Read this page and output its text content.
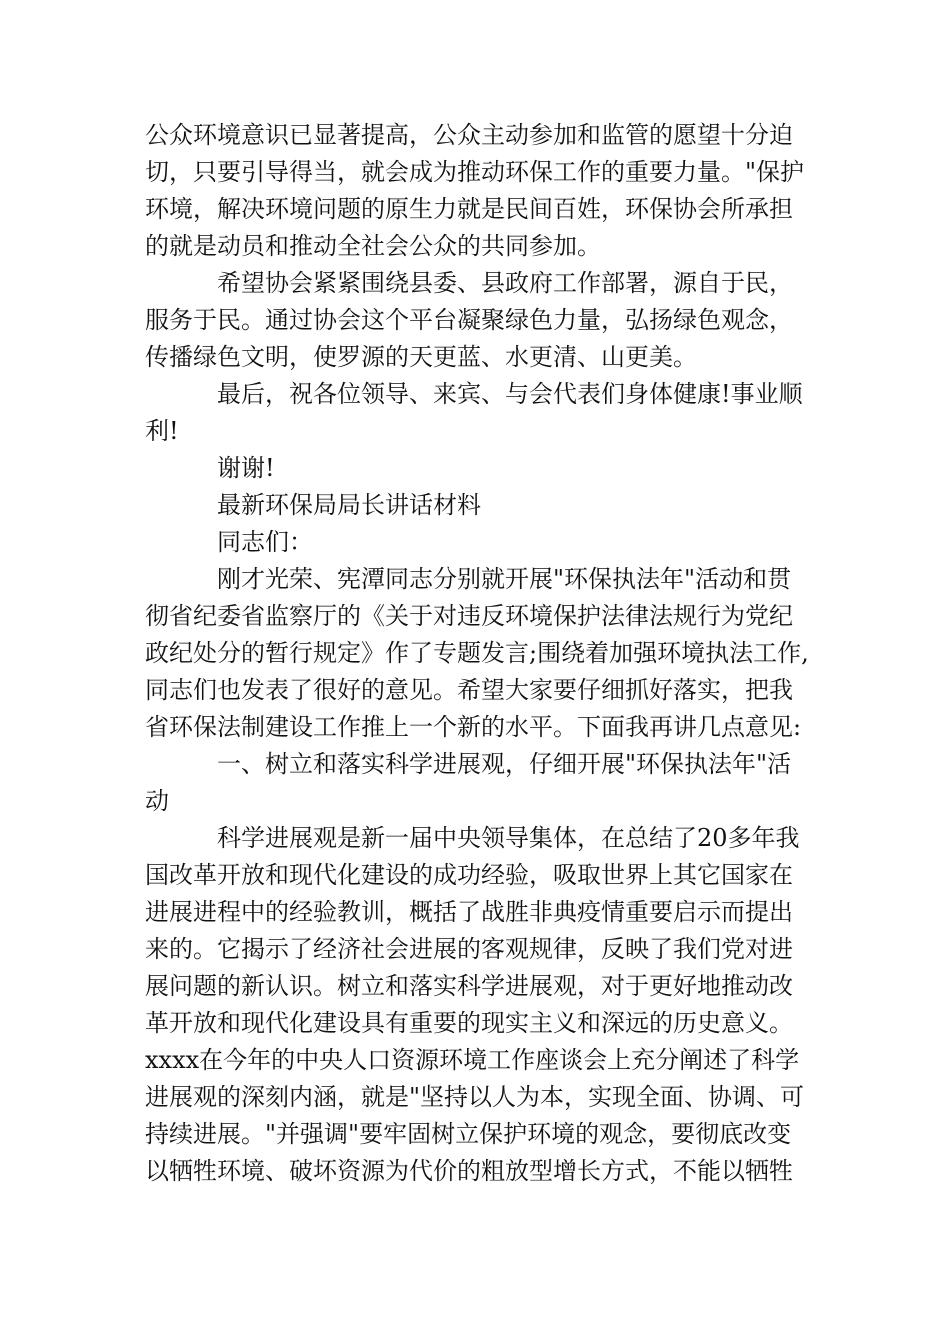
公众环境意识已显著提高，公众主动参加和监管的愿望十分迫
切，只要引导得当，就会成为推动环保工作的重要力量。"保护
环境，解决环境问题的原生力就是民间百姓，环保协会所承担
的就是动员和推动全社会公众的共同参加。
希望协会紧紧围绕县委、县政府工作部署，源自于民，
服务于民。通过协会这个平台凝聚绿色力量，弘扬绿色观念，
传播绿色文明，使罗源的天更蓝、水更清、山更美。
最后，祝各位领导、来宾、与会代表们身体健康!事业顺
利!
谢谢!
最新环保局局长讲话材料
同志们：
刚才光荣、宪潭同志分别就开展"环保执法年"活动和贯
彻省纪委省监察厅的《关于对违反环境保护法律法规行为党纪
政纪处分的暂行规定》作了专题发言;围绕着加强环境执法工作,
同志们也发表了很好的意见。希望大家要仔细抓好落实，把我
省环保法制建设工作推上一个新的水平。下面我再讲几点意见:
一、树立和落实科学进展观，仔细开展"环保执法年"活
动
科学进展观是新一届中央领导集体，在总结了20多年我
国改革开放和现代化建设的成功经验，吸取世界上其它国家在
进展进程中的经验教训，概括了战胜非典疫情重要启示而提出
来的。它揭示了经济社会进展的客观规律，反映了我们党对进
展问题的新认识。树立和落实科学进展观，对于更好地推动改
革开放和现代化建设具有重要的现实主义和深远的历史意义。
xxxx在今年的中央人口资源环境工作座谈会上充分阐述了科学
进展观的深刻内涵，就是"坚持以人为本，实现全面、协调、可
持续进展。"并强调"要牢固树立保护环境的观念，要彻底改变
以牺牲环境、破坏资源为代价的粗放型增长方式，不能以牺牲
